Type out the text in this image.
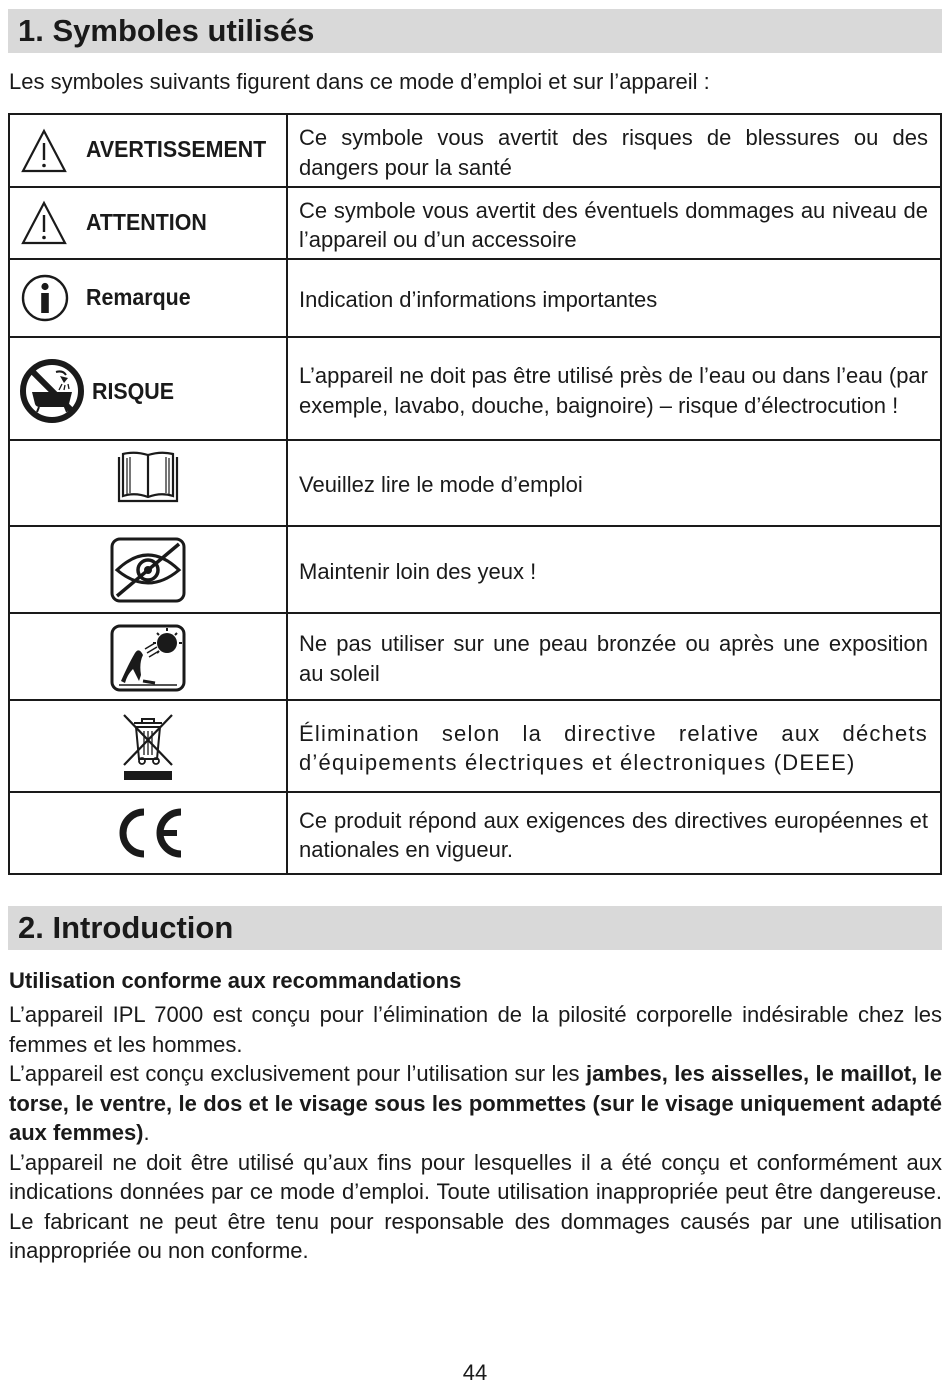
1. Symboles utilisés
Les symboles suivants figurent dans ce mode d’emploi et sur l’appareil :
AVERTISSEMENT	Ce symbole vous avertit des risques de blessures ou des dangers pour la santé

ATTENTION	Ce symbole vous avertit des éventuels dommages au niveau de l’appareil ou d’un accessoire

Remarque	Indication d’informations importantes

RISQUE	L’appareil ne doit pas être utilisé près de l’eau ou dans l’eau (par exemple, lavabo, douche, baignoire) – risque d’électrocution !

	Veuillez lire le mode d’emploi

	Maintenir loin des yeux !

	Ne pas utiliser sur une peau bronzée ou après une exposition au soleil

	Élimination selon la directive relative aux déchets d’équipements électriques et électroniques (DEEE)

	Ce produit répond aux exigences des directives européennes et nationales en vigueur.
2. Introduction
Utilisation conforme aux recommandations

L’appareil IPL 7000 est conçu pour l’élimination de la pilosité corporelle indésirable chez les femmes et les hommes.

L’appareil est conçu exclusivement pour l’utilisation sur les jambes, les aisselles, le maillot, le torse, le ventre, le dos et le visage sous les pommettes (sur le visage uniquement adapté aux femmes).

L’appareil ne doit être utilisé qu’aux fins pour lesquelles il a été conçu et conformément aux indications données par ce mode d’emploi. Toute utilisation inappropriée peut être dangereuse. Le fabricant ne peut être tenu pour responsable des dommages causés par une utilisation inappropriée ou non conforme.

44
